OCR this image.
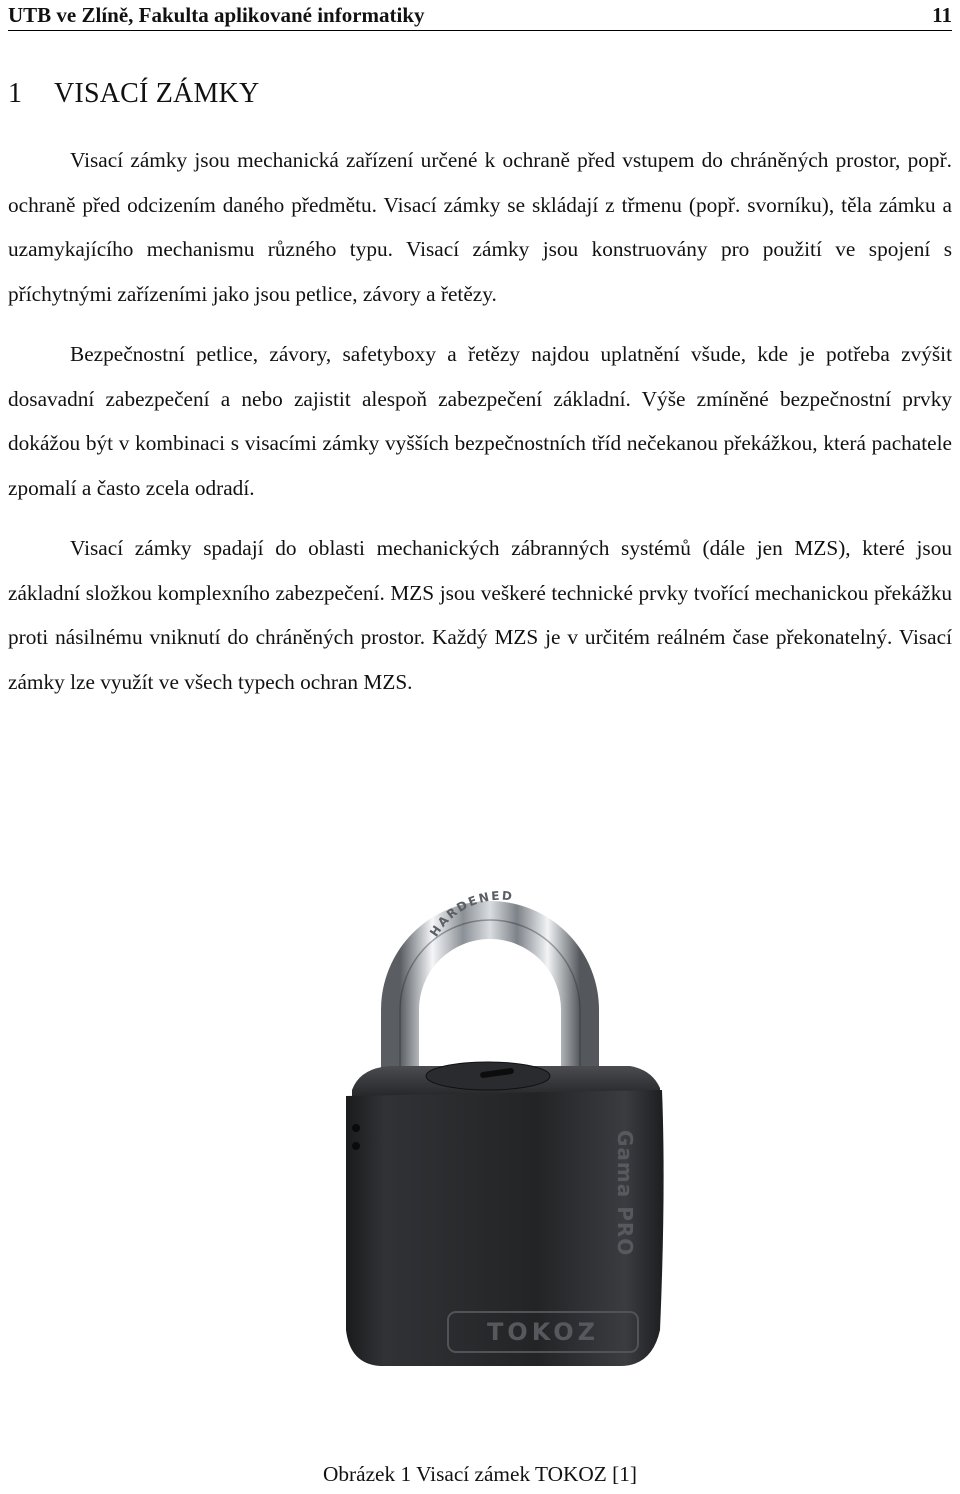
UTB ve Zlíně, Fakulta aplikované informatiky	11
1 VISACÍ ZÁMKY

Visací zámky jsou mechanická zařízení určené k ochraně před vstupem do chráněných prostor, popř. ochraně před odcizením daného předmětu. Visací zámky se skládají z třmenu (popř. svorníku), těla zámku a uzamykajícího mechanismu různého typu. Visací zámky jsou konstruovány pro použití ve spojení s příchytnými zařízeními jako jsou petlice, závory a řetězy.

Bezpečnostní petlice, závory, safetyboxy a řetězy najdou uplatnění všude, kde je potřeba zvýšit dosavadní zabezpečení a nebo zajistit alespoň zabezpečení základní. Výše zmíněné bezpečnostní prvky dokážou být v kombinaci s visacími zámky vyšších bezpečnostních tříd nečekanou překážkou, která pachatele zpomalí a často zcela odradí.

Visací zámky spadají do oblasti mechanických zábranných systémů (dále jen MZS), které jsou základní složkou komplexního zabezpečení. MZS jsou veškeré technické prvky tvořící mechanickou překážku proti násilnému vniknutí do chráněných prostor. Každý MZS je v určitém reálném čase překonatelný. Visací zámky lze využít ve všech typech ochran MZS.

HARDENED
Gama PRO
TOKOZ
Obrázek 1 Visací zámek TOKOZ [1]
